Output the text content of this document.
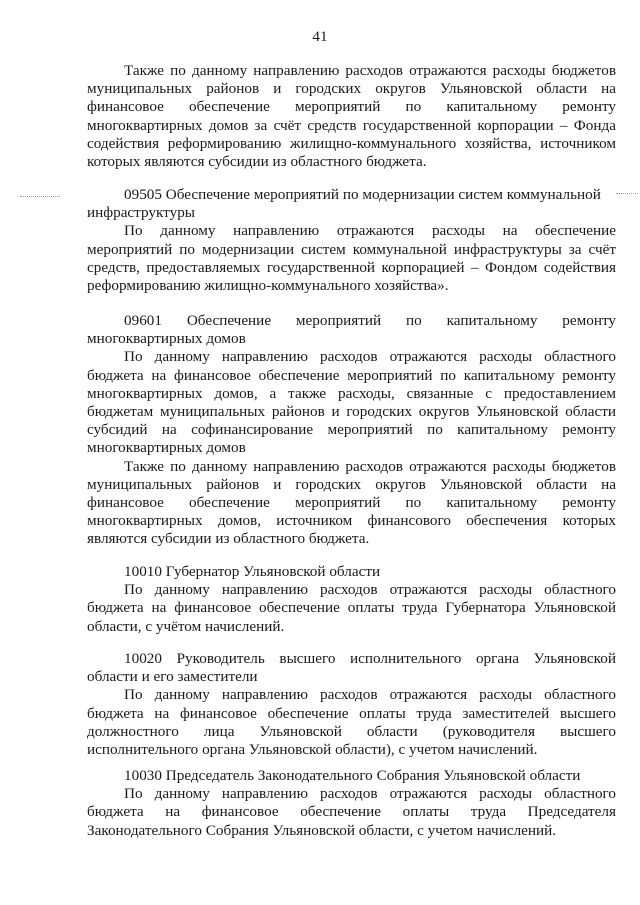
41
Также по данному направлению расходов отражаются расходы бюджетов
муниципальных районов и городских округов Ульяновской области на
финансовое обеспечение мероприятий по капитальному ремонту
многоквартирных домов за счёт средств государственной корпорации – Фонда
содействия реформированию жилищно-коммунального хозяйства, источником
которых являются субсидии из областного бюджета.
09505 Обеспечение мероприятий по модернизации систем коммунальной
инфраструктуры
По данному направлению отражаются расходы на обеспечение
мероприятий по модернизации систем коммунальной инфраструктуры за счёт
средств, предоставляемых государственной корпорацией – Фондом содействия
реформированию жилищно-коммунального хозяйства».
09601 Обеспечение мероприятий по капитальному ремонту
многоквартирных домов
По данному направлению расходов отражаются расходы областного
бюджета на финансовое обеспечение мероприятий по капитальному ремонту
многоквартирных домов, а также расходы, связанные с предоставлением
бюджетам муниципальных районов и городских округов Ульяновской области
субсидий на софинансирование мероприятий по капитальному ремонту
многоквартирных домов
Также по данному направлению расходов отражаются расходы бюджетов
муниципальных районов и городских округов Ульяновской области на
финансовое обеспечение мероприятий по капитальному ремонту
многоквартирных домов, источником финансового обеспечения которых
являются субсидии из областного бюджета.
10010 Губернатор Ульяновской области
По данному направлению расходов отражаются расходы областного
бюджета на финансовое обеспечение оплаты труда Губернатора Ульяновской
области, с учётом начислений.
10020 Руководитель высшего исполнительного органа Ульяновской
области и его заместители
По данному направлению расходов отражаются расходы областного
бюджета на финансовое обеспечение оплаты труда заместителей высшего
должностного лица Ульяновской области (руководителя высшего
исполнительного органа Ульяновской области), с учетом начислений.
10030 Председатель Законодательного Собрания Ульяновской области
По данному направлению расходов отражаются расходы областного
бюджета на финансовое обеспечение оплаты труда Председателя
Законодательного Собрания Ульяновской области, с учетом начислений.
